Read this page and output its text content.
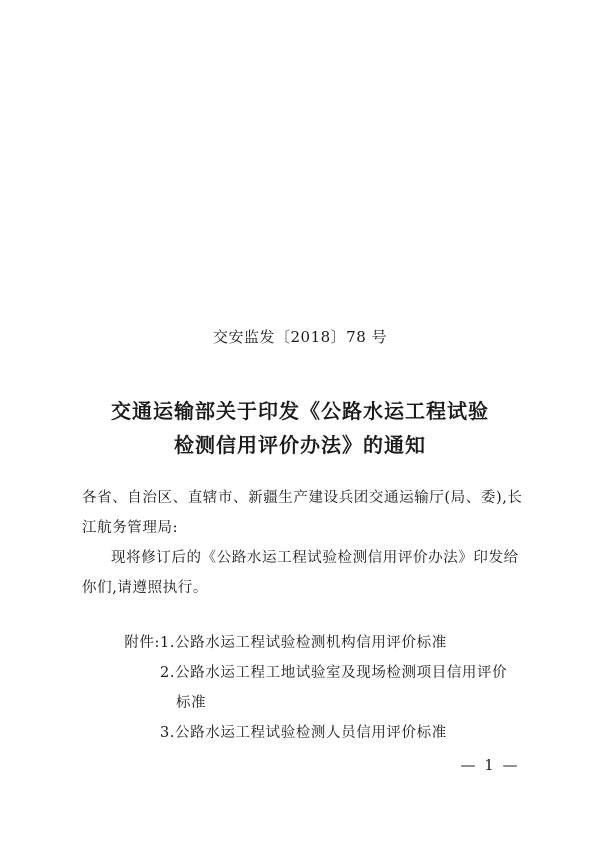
交安监发〔2018〕78 号
交通运输部关于印发《公路水运工程试验
检测信用评价办法》的通知
各省、自治区、直辖市、新疆生产建设兵团交通运输厅(局、委),长江航务管理局:
现将修订后的《公路水运工程试验检测信用评价办法》印发给你们,请遵照执行。
附件: 1.公路水运工程试验检测机构信用评价标准
2.公路水运工程工地试验室及现场检测项目信用评价
标准
3.公路水运工程试验检测人员信用评价标准
— 1 —
